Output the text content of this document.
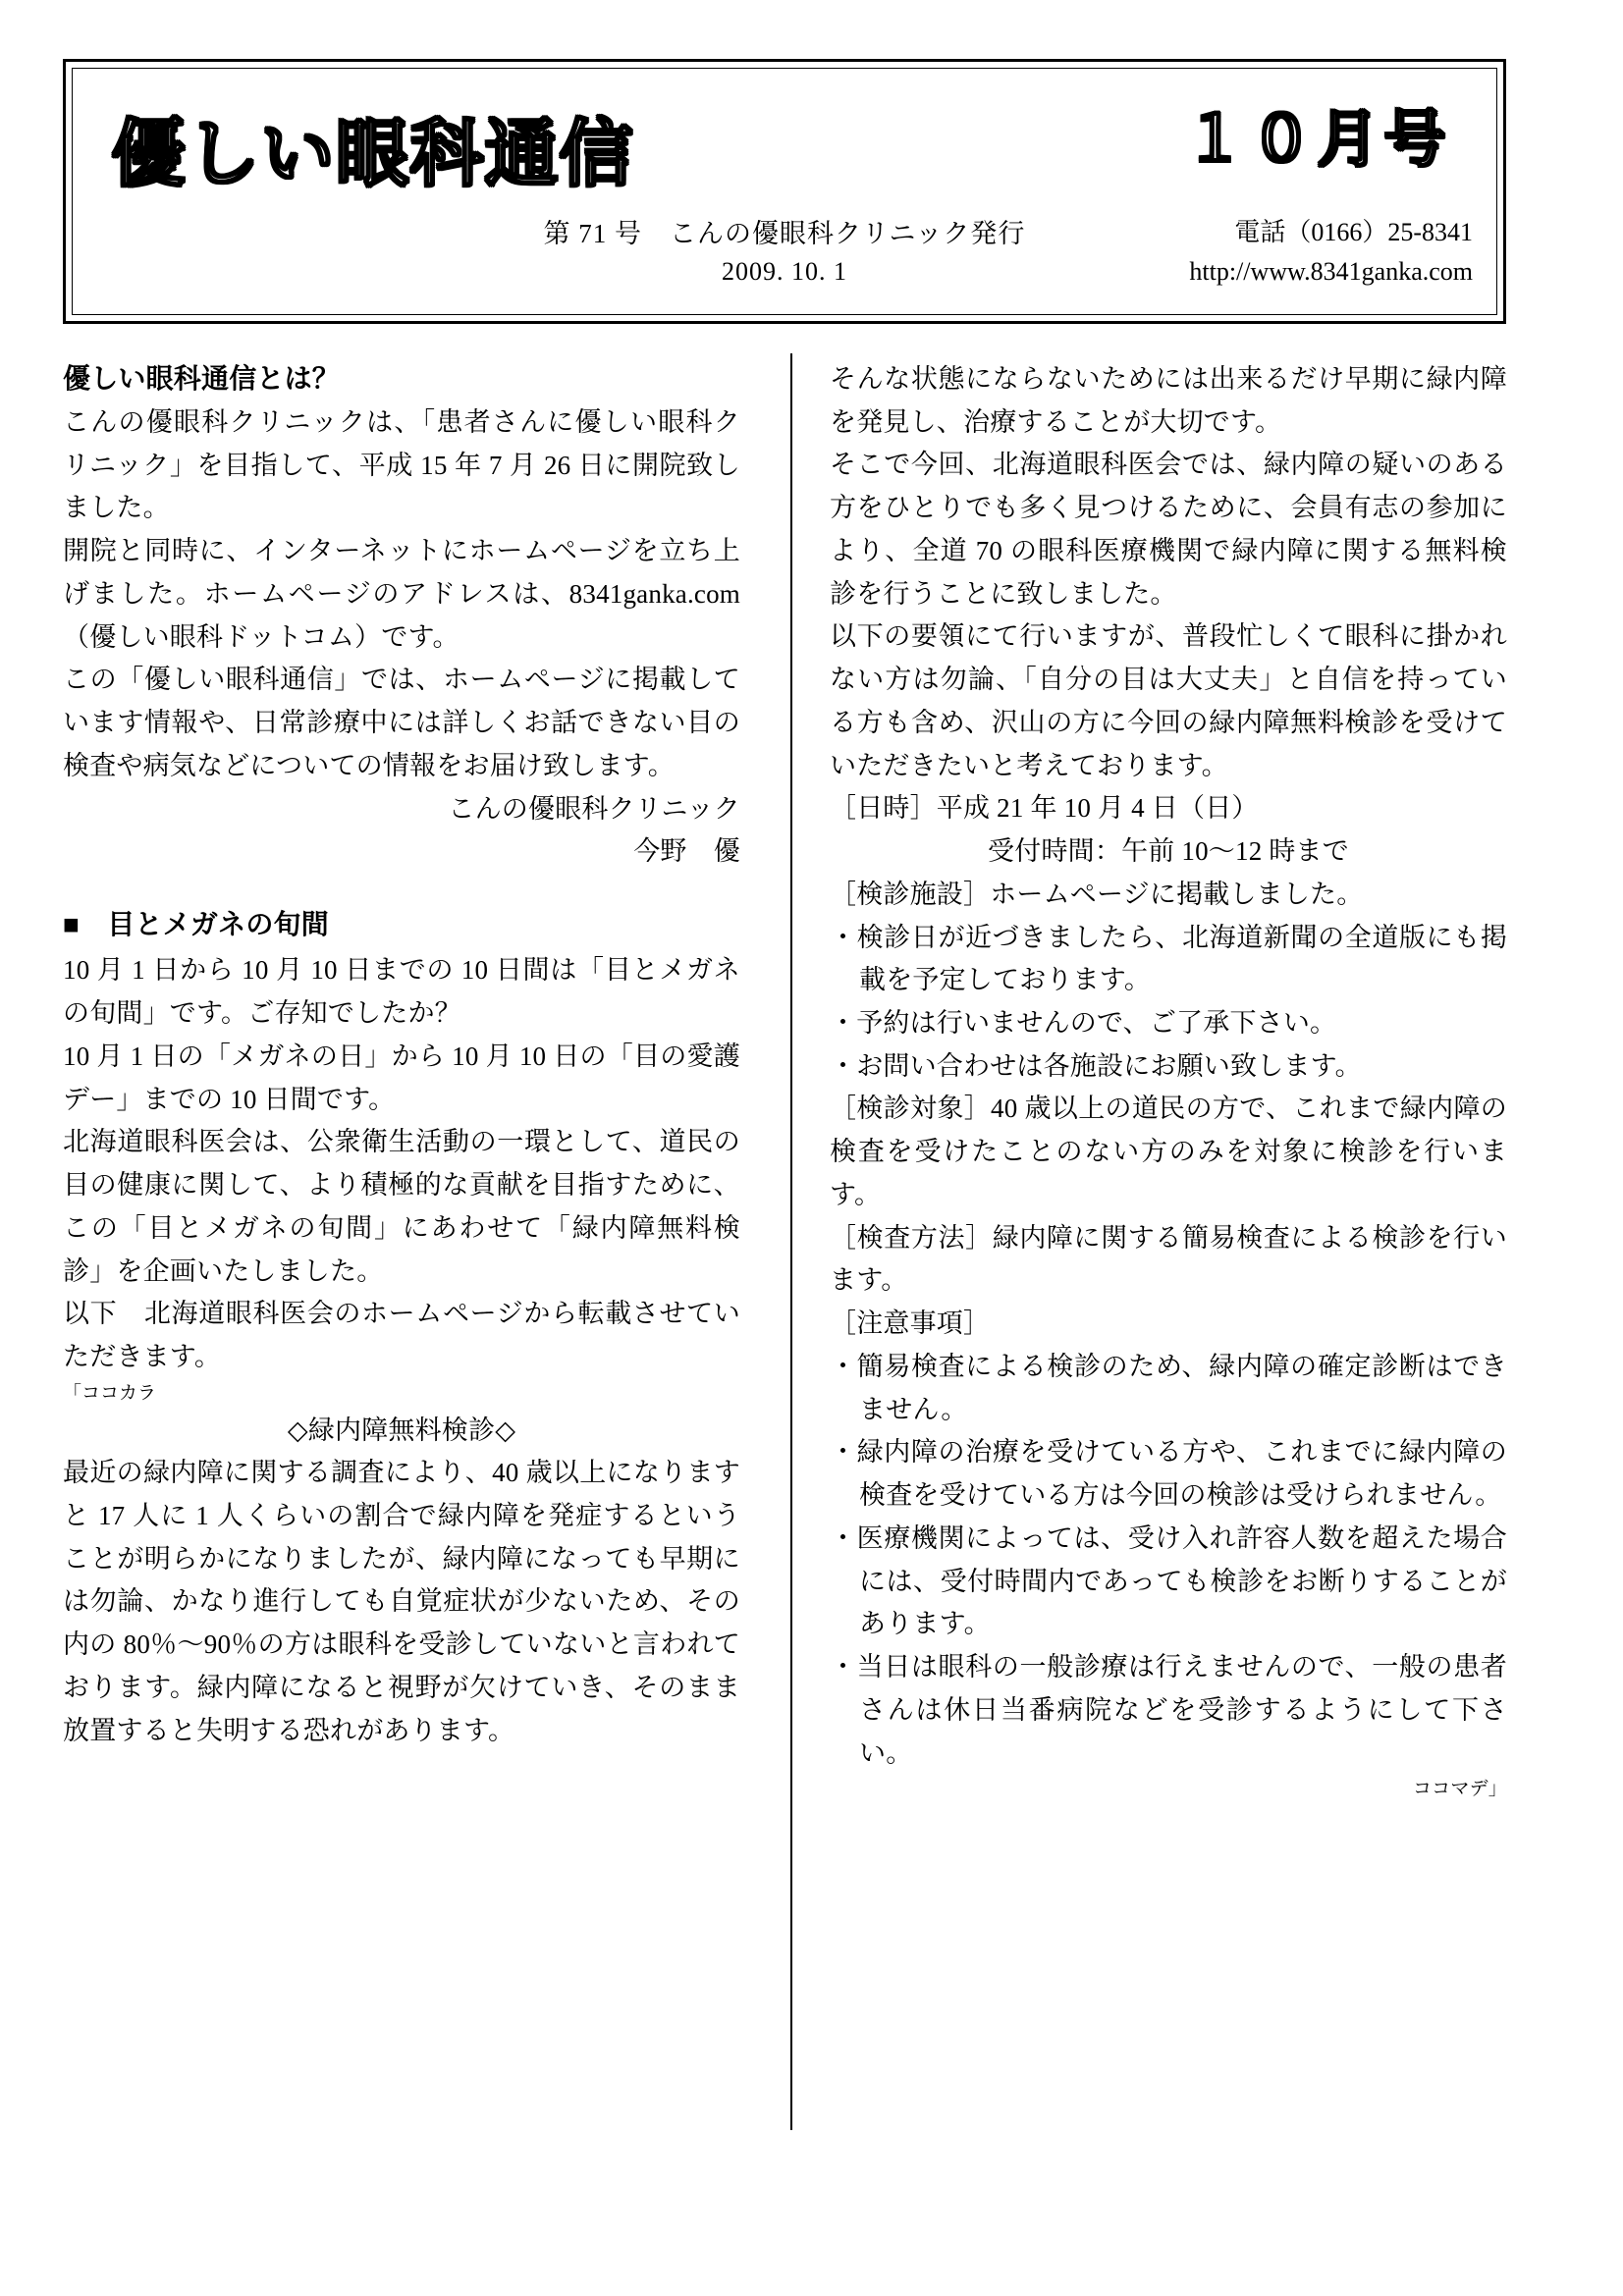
優しい眼科通信	１０月号
第 71 号　こんの優眼科クリニック発行
2009. 10. 1
電話（0166）25-8341
http://www.8341ganka.com
優しい眼科通信とは？

こんの優眼科クリニックは、「患者さんに優しい眼科クリニック」を目指して、平成 15 年 7 月 26 日に開院致しました。

開院と同時に、インターネットにホームページを立ち上げました。ホームページのアドレスは、8341ganka.com（優しい眼科ドットコム）です。

この「優しい眼科通信」では、ホームページに掲載しています情報や、日常診療中には詳しくお話できない目の検査や病気などについての情報をお届け致します。

こんの優眼科クリニック

今野　優

■　目とメガネの旬間

10 月 1 日から 10 月 10 日までの 10 日間は「目とメガネの旬間」です。ご存知でしたか？

10 月 1 日の「メガネの日」から 10 月 10 日の「目の愛護デー」までの 10 日間です。

北海道眼科医会は、公衆衛生活動の一環として、道民の目の健康に関して、より積極的な貢献を目指すために、この「目とメガネの旬間」にあわせて「緑内障無料検診」を企画いたしました。

以下　北海道眼科医会のホームページから転載させていただきます。

「ココカラ

◇緑内障無料検診◇

最近の緑内障に関する調査により、40 歳以上になりますと 17 人に 1 人くらいの割合で緑内障を発症するということが明らかになりましたが、緑内障になっても早期には勿論、かなり進行しても自覚症状が少ないため、その内の 80％〜90％の方は眼科を受診していないと言われております。緑内障になると視野が欠けていき、そのまま放置すると失明する恐れがあります。

そんな状態にならないためには出来るだけ早期に緑内障を発見し、治療することが大切です。

そこで今回、北海道眼科医会では、緑内障の疑いのある方をひとりでも多く見つけるために、会員有志の参加により、全道 70 の眼科医療機関で緑内障に関する無料検診を行うことに致しました。

以下の要領にて行いますが、普段忙しくて眼科に掛かれない方は勿論、「自分の目は大丈夫」と自信を持っている方も含め、沢山の方に今回の緑内障無料検診を受けていただきたいと考えております。

［日時］平成 21 年 10 月 4 日（日）

受付時間：午前 10〜12 時まで

［検診施設］ホームページに掲載しました。

・検診日が近づきましたら、北海道新聞の全道版にも掲載を予定しております。

・予約は行いませんので、ご了承下さい。

・お問い合わせは各施設にお願い致します。

［検診対象］40 歳以上の道民の方で、これまで緑内障の検査を受けたことのない方のみを対象に検診を行います。

［検査方法］緑内障に関する簡易検査による検診を行います。

［注意事項］

・簡易検査による検診のため、緑内障の確定診断はできません。

・緑内障の治療を受けている方や、これまでに緑内障の検査を受けている方は今回の検診は受けられません。

・医療機関によっては、受け入れ許容人数を超えた場合には、受付時間内であっても検診をお断りすることがあります。

・当日は眼科の一般診療は行えませんので、一般の患者さんは休日当番病院などを受診するようにして下さい。

ココマデ」
